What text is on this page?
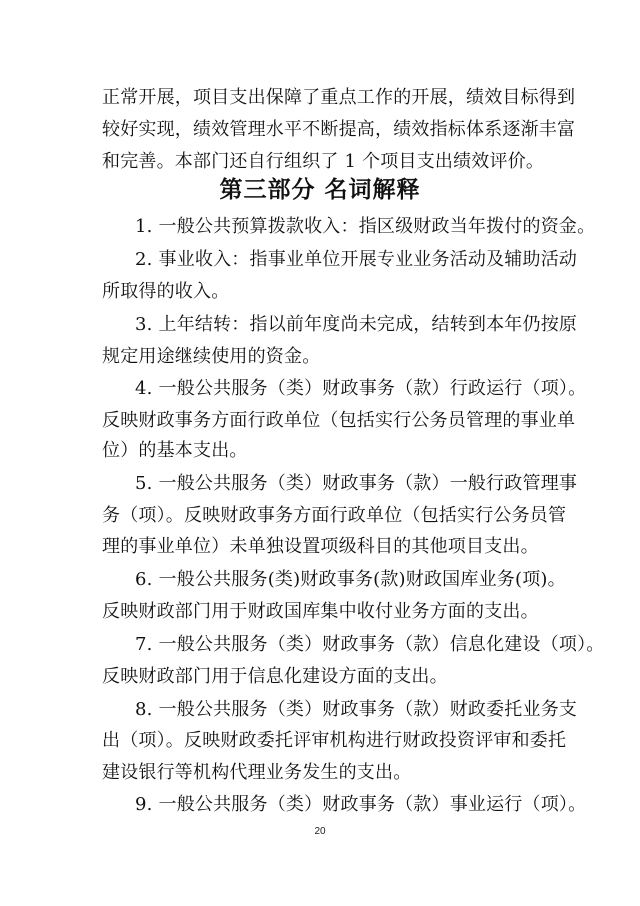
正常开展，项目支出保障了重点工作的开展，绩效目标得到
较好实现，绩效管理水平不断提高，绩效指标体系逐渐丰富
和完善。本部门还自行组织了 1 个项目支出绩效评价。
第三部分 名词解释
1. 一般公共预算拨款收入：指区级财政当年拨付的资金。
2. 事业收入：指事业单位开展专业业务活动及辅助活动
所取得的收入。
3. 上年结转：指以前年度尚未完成，结转到本年仍按原
规定用途继续使用的资金。
4. 一般公共服务（类）财政事务（款）行政运行（项）。
反映财政事务方面行政单位（包括实行公务员管理的事业单
位）的基本支出。
5. 一般公共服务（类）财政事务（款）一般行政管理事
务（项）。反映财政事务方面行政单位（包括实行公务员管
理的事业单位）未单独设置项级科目的其他项目支出。
6. 一般公共服务(类)财政事务(款)财政国库业务(项)。
反映财政部门用于财政国库集中收付业务方面的支出。
7. 一般公共服务（类）财政事务（款）信息化建设（项）。
反映财政部门用于信息化建设方面的支出。
8. 一般公共服务（类）财政事务（款）财政委托业务支
出（项）。反映财政委托评审机构进行财政投资评审和委托
建设银行等机构代理业务发生的支出。
9. 一般公共服务（类）财政事务（款）事业运行（项）。
20
